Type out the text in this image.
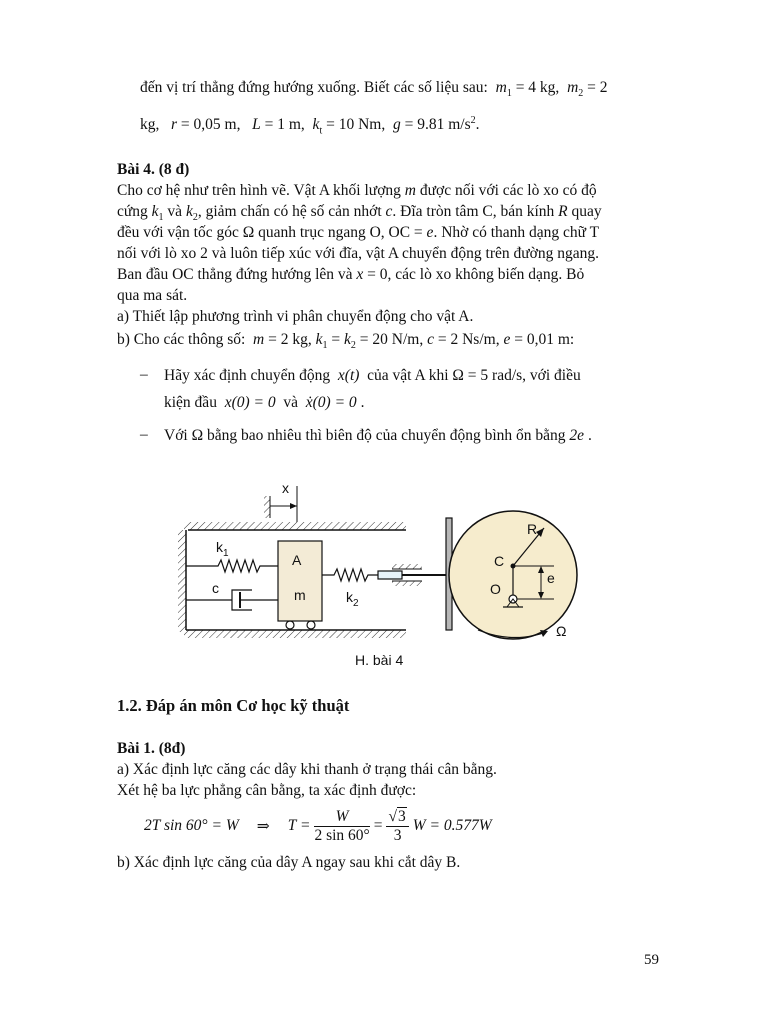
đến vị trí thẳng đứng hướng xuống. Biết các số liệu sau:  $m_1 = 4$ kg,  $m_2 = 2$
kg,   r = 0,05 m,   L = 1 m,  $k_t = 10$ Nm,  g = 9.81 $m/s^2$.
Bài 4. (8 đ)
Cho cơ hệ như trên hình vẽ. Vật A khối lượng m được nối với các lò xo có độ
cứng $k_1$ và $k_2$, giảm chấn có hệ số cản nhớt c. Đĩa tròn tâm C, bán kính R quay
đều với vận tốc góc Ω quanh trục ngang O, OC = e. Nhờ có thanh dạng chữ T
nối với lò xo 2 và luôn tiếp xúc với đĩa, vật A chuyển động trên đường ngang.
Ban đầu OC thẳng đứng hướng lên và x = 0, các lò xo không biến dạng. Bỏ
qua ma sát.
a) Thiết lập phương trình vi phân chuyển động cho vật A.
b) Cho các thông số: m = 2 kg, $k_1 = k_2 = 20$ N/m, c = 2 Ns/m, e = 0,01 m:
– Hãy xác định chuyển động x(t) của vật A khi Ω = 5 rad/s, với điều
kiện đầu x(0) = 0 và ẋ(0) = 0 .
– Với Ω bằng bao nhiêu thì biên độ của chuyển động bình ổn bằng 2e .
x
$k_1$
c
A
m	$k_2$
R
C
O
e
Ω
H. bài 4
1.2. Đáp án môn Cơ học kỹ thuật
Bài 1. (8đ)
a) Xác định lực căng các dây khi thanh ở trạng thái cân bằng.
Xét hệ ba lực phẳng cân bằng, ta xác định được:
2T sin 60° = W ⇒ $T = \frac{W}{2 \sin 60^\circ} = \frac{√3}{3}$ W = 0.577W
b) Xác định lực căng của dây A ngay sau khi cắt dây B.
59
